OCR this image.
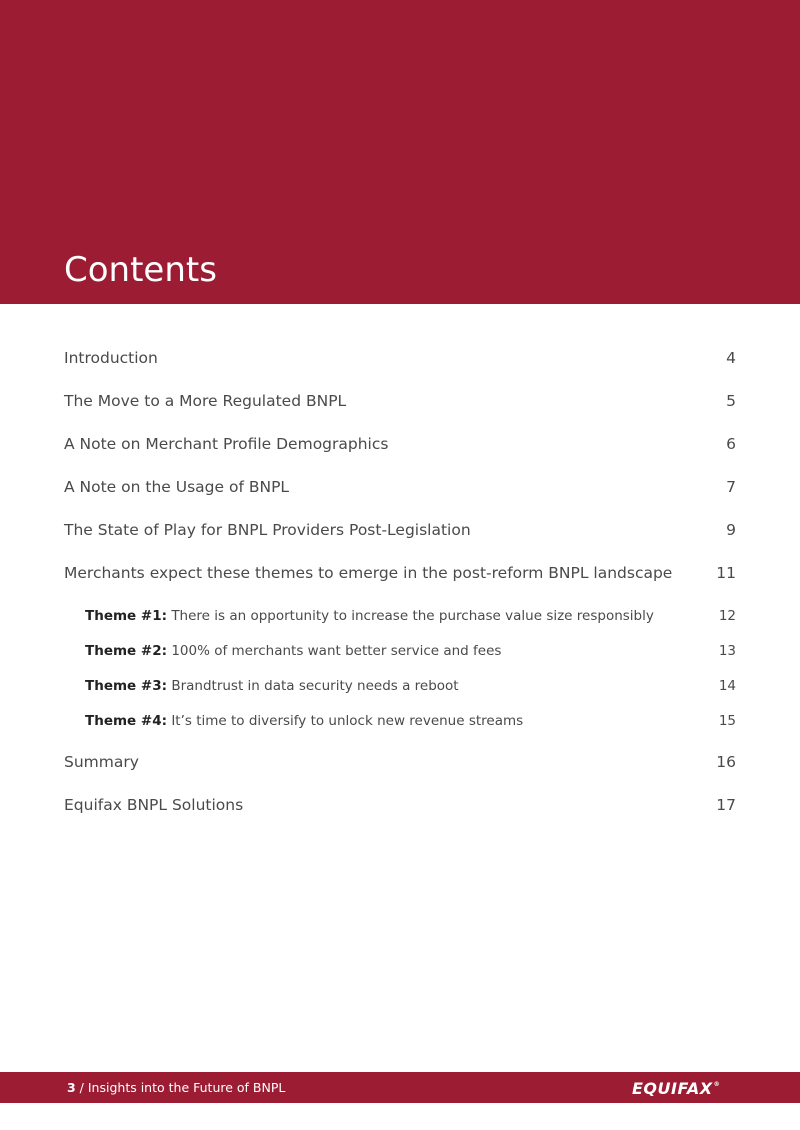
Contents
Introduction	4
The Move to a More Regulated BNPL	5
A Note on Merchant Profile Demographics	6
A Note on the Usage of BNPL	7
The State of Play for BNPL Providers Post-Legislation	9
Merchants expect these themes to emerge in the post-reform BNPL landscape	11
Theme #1: There is an opportunity to increase the purchase value size responsibly	12
Theme #2: 100% of merchants want better service and fees	13
Theme #3: Brandtrust in data security needs a reboot	14
Theme #4: It’s time to diversify to unlock new revenue streams	15
Summary	16
Equifax BNPL Solutions	17
3 / Insights into the Future of BNPL	EQUIFAX ®
